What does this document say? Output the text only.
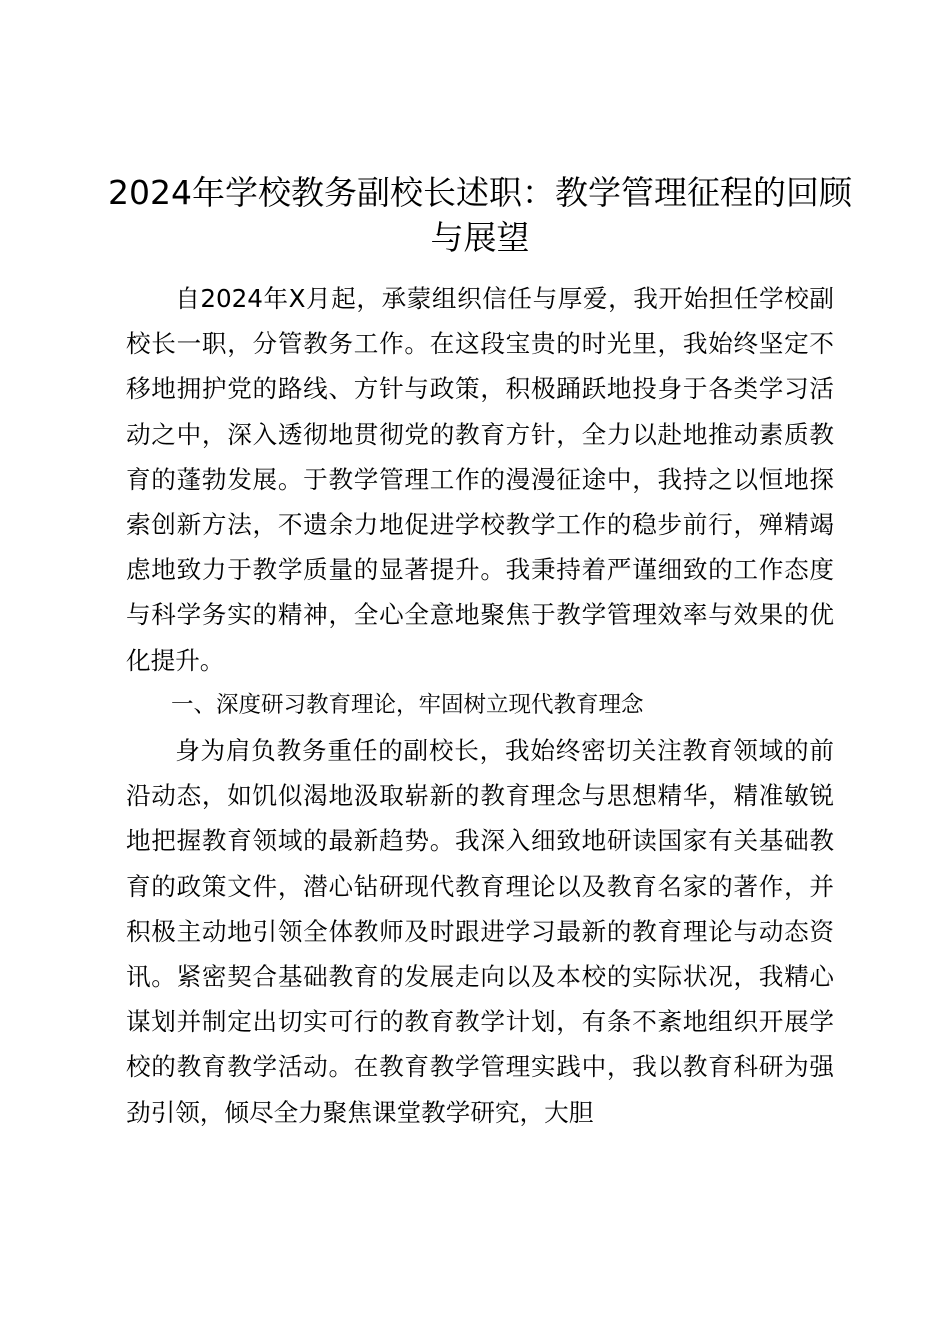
2024年学校教务副校长述职：教学管理征程的回顾与展望

自2024年X月起，承蒙组织信任与厚爱，我开始担任学校副校长一职，分管教务工作。在这段宝贵的时光里，我始终坚定不移地拥护党的路线、方针与政策，积极踊跃地投身于各类学习活动之中，深入透彻地贯彻党的教育方针，全力以赴地推动素质教育的蓬勃发展。于教学管理工作的漫漫征途中，我持之以恒地探索创新方法，不遗余力地促进学校教学工作的稳步前行，殚精竭虑地致力于教学质量的显著提升。我秉持着严谨细致的工作态度与科学务实的精神，全心全意地聚焦于教学管理效率与效果的优化提升。

一、深度研习教育理论，牢固树立现代教育理念

身为肩负教务重任的副校长，我始终密切关注教育领域的前沿动态，如饥似渴地汲取崭新的教育理念与思想精华，精准敏锐地把握教育领域的最新趋势。我深入细致地研读国家有关基础教育的政策文件，潜心钻研现代教育理论以及教育名家的著作，并积极主动地引领全体教师及时跟进学习最新的教育理论与动态资讯。紧密契合基础教育的发展走向以及本校的实际状况，我精心谋划并制定出切实可行的教育教学计划，有条不紊地组织开展学校的教育教学活动。在教育教学管理实践中，我以教育科研为强劲引领，倾尽全力聚焦课堂教学研究，大胆
